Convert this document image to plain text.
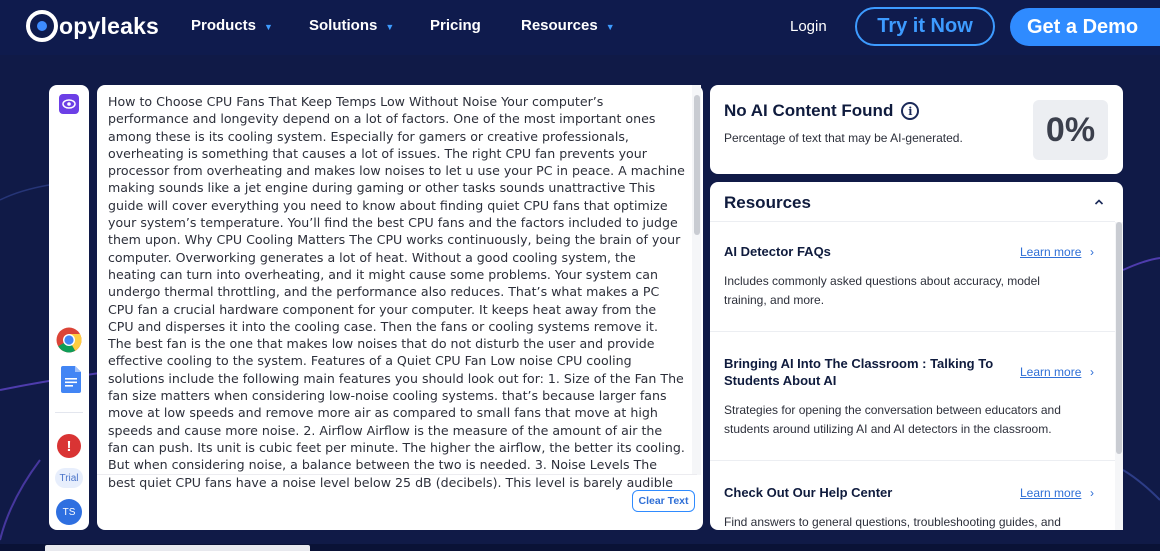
opyleaks Products ▼ Solutions ▼ Pricing	Resources ▼	Login	Try it Now	Get a Demo
!
Trial
TS
How to Choose CPU Fans That Keep Temps Low Without Noise Your computer’s performance and longevity depend on a lot of factors. One of the most important ones among these is its cooling system. Especially for gamers or creative professionals, overheating is something that causes a lot of issues. The right CPU fan prevents your processor from overheating and makes low noises to let u use your PC in peace. A machine making sounds like a jet engine during gaming or other tasks sounds unattractive This guide will cover everything you need to know about finding quiet CPU fans that optimize your system’s temperature. You’ll find the best CPU fans and the factors included to judge them upon. Why CPU Cooling Matters The CPU works continuously, being the brain of your computer. Overworking generates a lot of heat. Without a good cooling system, the heating can turn into overheating, and it might cause some problems. Your system can undergo thermal throttling, and the performance also reduces. That’s what makes a PC CPU fan a crucial hardware component for your computer. It keeps heat away from the CPU and disperses it into the cooling case. Then the fans or cooling systems remove it. The best fan is the one that makes low noises that do not disturb the user and provide effective cooling to the system. Features of a Quiet CPU Fan Low noise CPU cooling solutions include the following main features you should look out for: 1. Size of the Fan The fan size matters when considering low-noise cooling systems. that’s because larger fans move at low speeds and remove more air as compared to small fans that move at high speeds and cause more noise. 2. Airflow Airflow is the measure of the amount of air the fan can push. Its unit is cubic feet per minute. The higher the airflow, the better its cooling. But when considering noise, a balance between the two is needed. 3. Noise Levels The best quiet CPU fans have a noise level below 25 dB (decibels). This level is barely audible
Clear Text
No AI Content Found	i
Percentage of text that may be AI-generated.	0%
Resources
AI Detector FAQs	Learn more ›
Includes commonly asked questions about accuracy, model training, and more.
Bringing AI Into The Classroom : Talking To Students About AI
Learn more ›
Strategies for opening the conversation between educators and students around utilizing AI and AI detectors in the classroom.
Check Out Our Help Center	Learn more ›
Find answers to general questions, troubleshooting guides, and
